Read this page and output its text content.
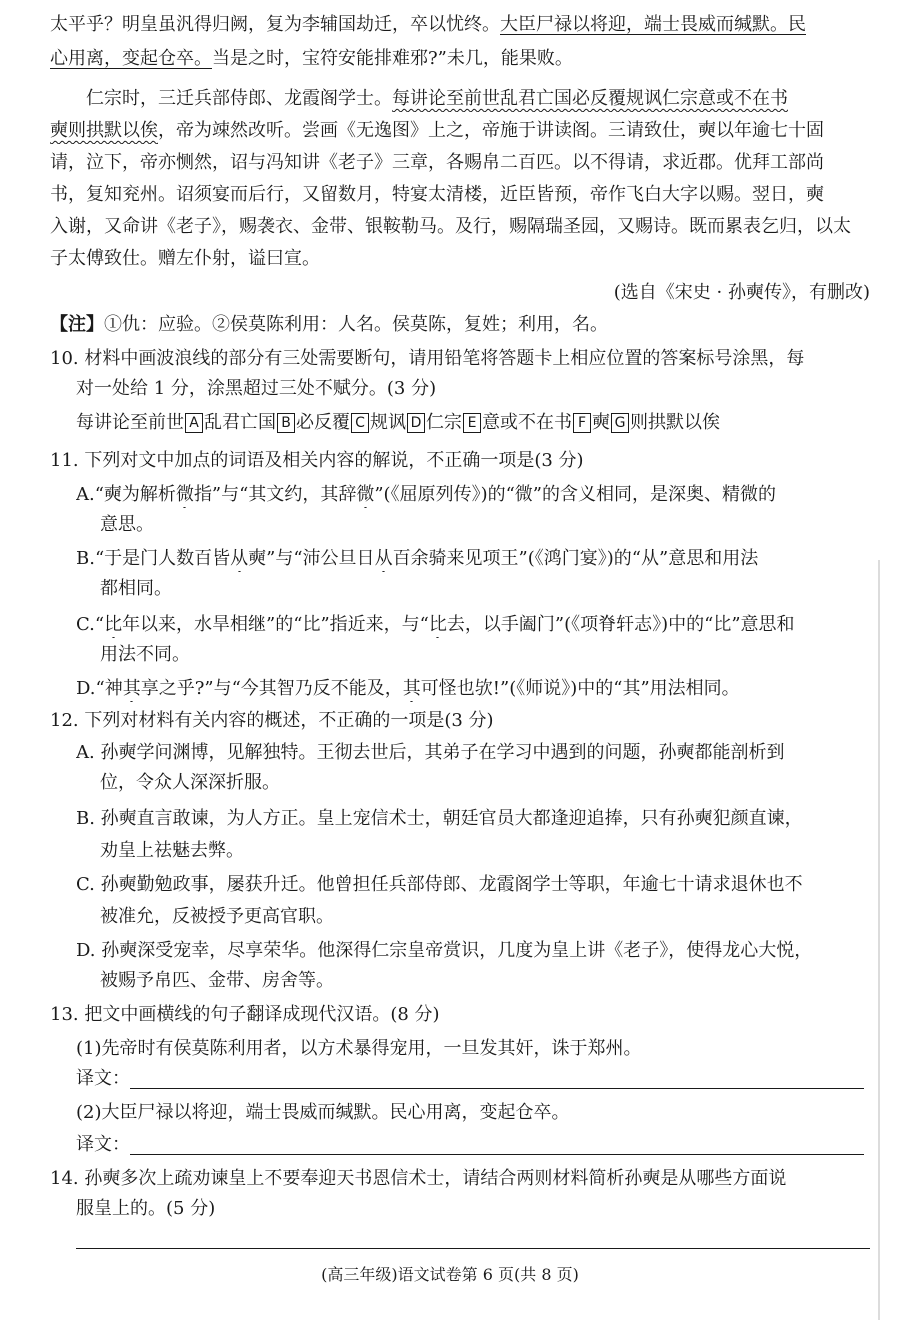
太平乎？明皇虽汎得归阙，复为李辅国劫迁，卒以忧终。大臣尸禄以将迎，端士畏威而缄默。民
心用离，变起仓卒。当是之时，宝符安能排难邪?”未几，能果败。
仁宗时，三迁兵部侍郎、龙霞阁学士。每讲论至前世乱君亡国必反覆规讽仁宗意或不在书
奭则拱默以俟，帝为竦然改听。尝画《无逸图》上之，帝施于讲读阁。三请致仕，奭以年逾七十固
请，泣下，帝亦恻然，诏与冯知讲《老子》三章，各赐帛二百匹。以不得请，求近郡。优拜工部尚
书，复知兖州。诏须宴而后行，又留数月，特宴太清楼，近臣皆预，帝作飞白大字以赐。翌日，奭
入谢，又命讲《老子》，赐袭衣、金带、银鞍勒马。及行，赐隔瑞圣园，又赐诗。既而累表乞归，以太
子太傅致仕。赠左仆射，谥曰宣。
(选自《宋史 · 孙奭传》，有删改)
【注】①仇：应验。②侯莫陈利用：人名。侯莫陈，复姓；利用，名。
10. 材料中画波浪线的部分有三处需要断句，请用铅笔将答题卡上相应位置的答案标号涂黑，每
对一处给 1 分，涂黑超过三处不赋分。(3 分)
每讲论至前世 A 乱君亡国 B 必反覆 C 规讽 D 仁宗 E 意或不在书 F 奭 G 则拱默以俟
11. 下列对文中加点的词语及相关内容的解说，不正确一项是(3 分)
A.“奭为解析微指”与“其文约，其辞微”(《屈原列传》)的“微”的含义相同，是深奥、精微的
意思。
B.“于是门人数百皆从奭”与“沛公旦日从百余骑来见项王”(《鸿门宴》)的“从”意思和用法
都相同。
C.“比年以来，水旱相继”的“比”指近来，与“比去，以手阖门”(《项脊轩志》)中的“比”意思和
用法不同。
D.“神其享之乎?”与“今其智乃反不能及，其可怪也欤!”(《师说》)中的“其”用法相同。
12. 下列对材料有关内容的概述，不正确的一项是(3 分)
A. 孙奭学问渊博，见解独特。王彻去世后，其弟子在学习中遇到的问题，孙奭都能剖析到
位，令众人深深折服。
B. 孙奭直言敢谏，为人方正。皇上宠信术士，朝廷官员大都逢迎追捧，只有孙奭犯颜直谏，
劝皇上祛魅去弊。
C. 孙奭勤勉政事，屡获升迁。他曾担任兵部侍郎、龙霞阁学士等职，年逾七十请求退休也不
被准允，反被授予更高官职。
D. 孙奭深受宠幸，尽享荣华。他深得仁宗皇帝赏识，几度为皇上讲《老子》，使得龙心大悦，
被赐予帛匹、金带、房舍等。
13. 把文中画横线的句子翻译成现代汉语。(8 分)
(1)先帝时有侯莫陈利用者，以方术暴得宠用，一旦发其奸，诛于郑州。
译文：
(2)大臣尸禄以将迎，端士畏威而缄默。民心用离，变起仓卒。
译文：
14. 孙奭多次上疏劝谏皇上不要奉迎天书恩信术士，请结合两则材料简析孙奭是从哪些方面说
服皇上的。(5 分)
(高三年级)语文试卷第 6 页(共 8 页)
